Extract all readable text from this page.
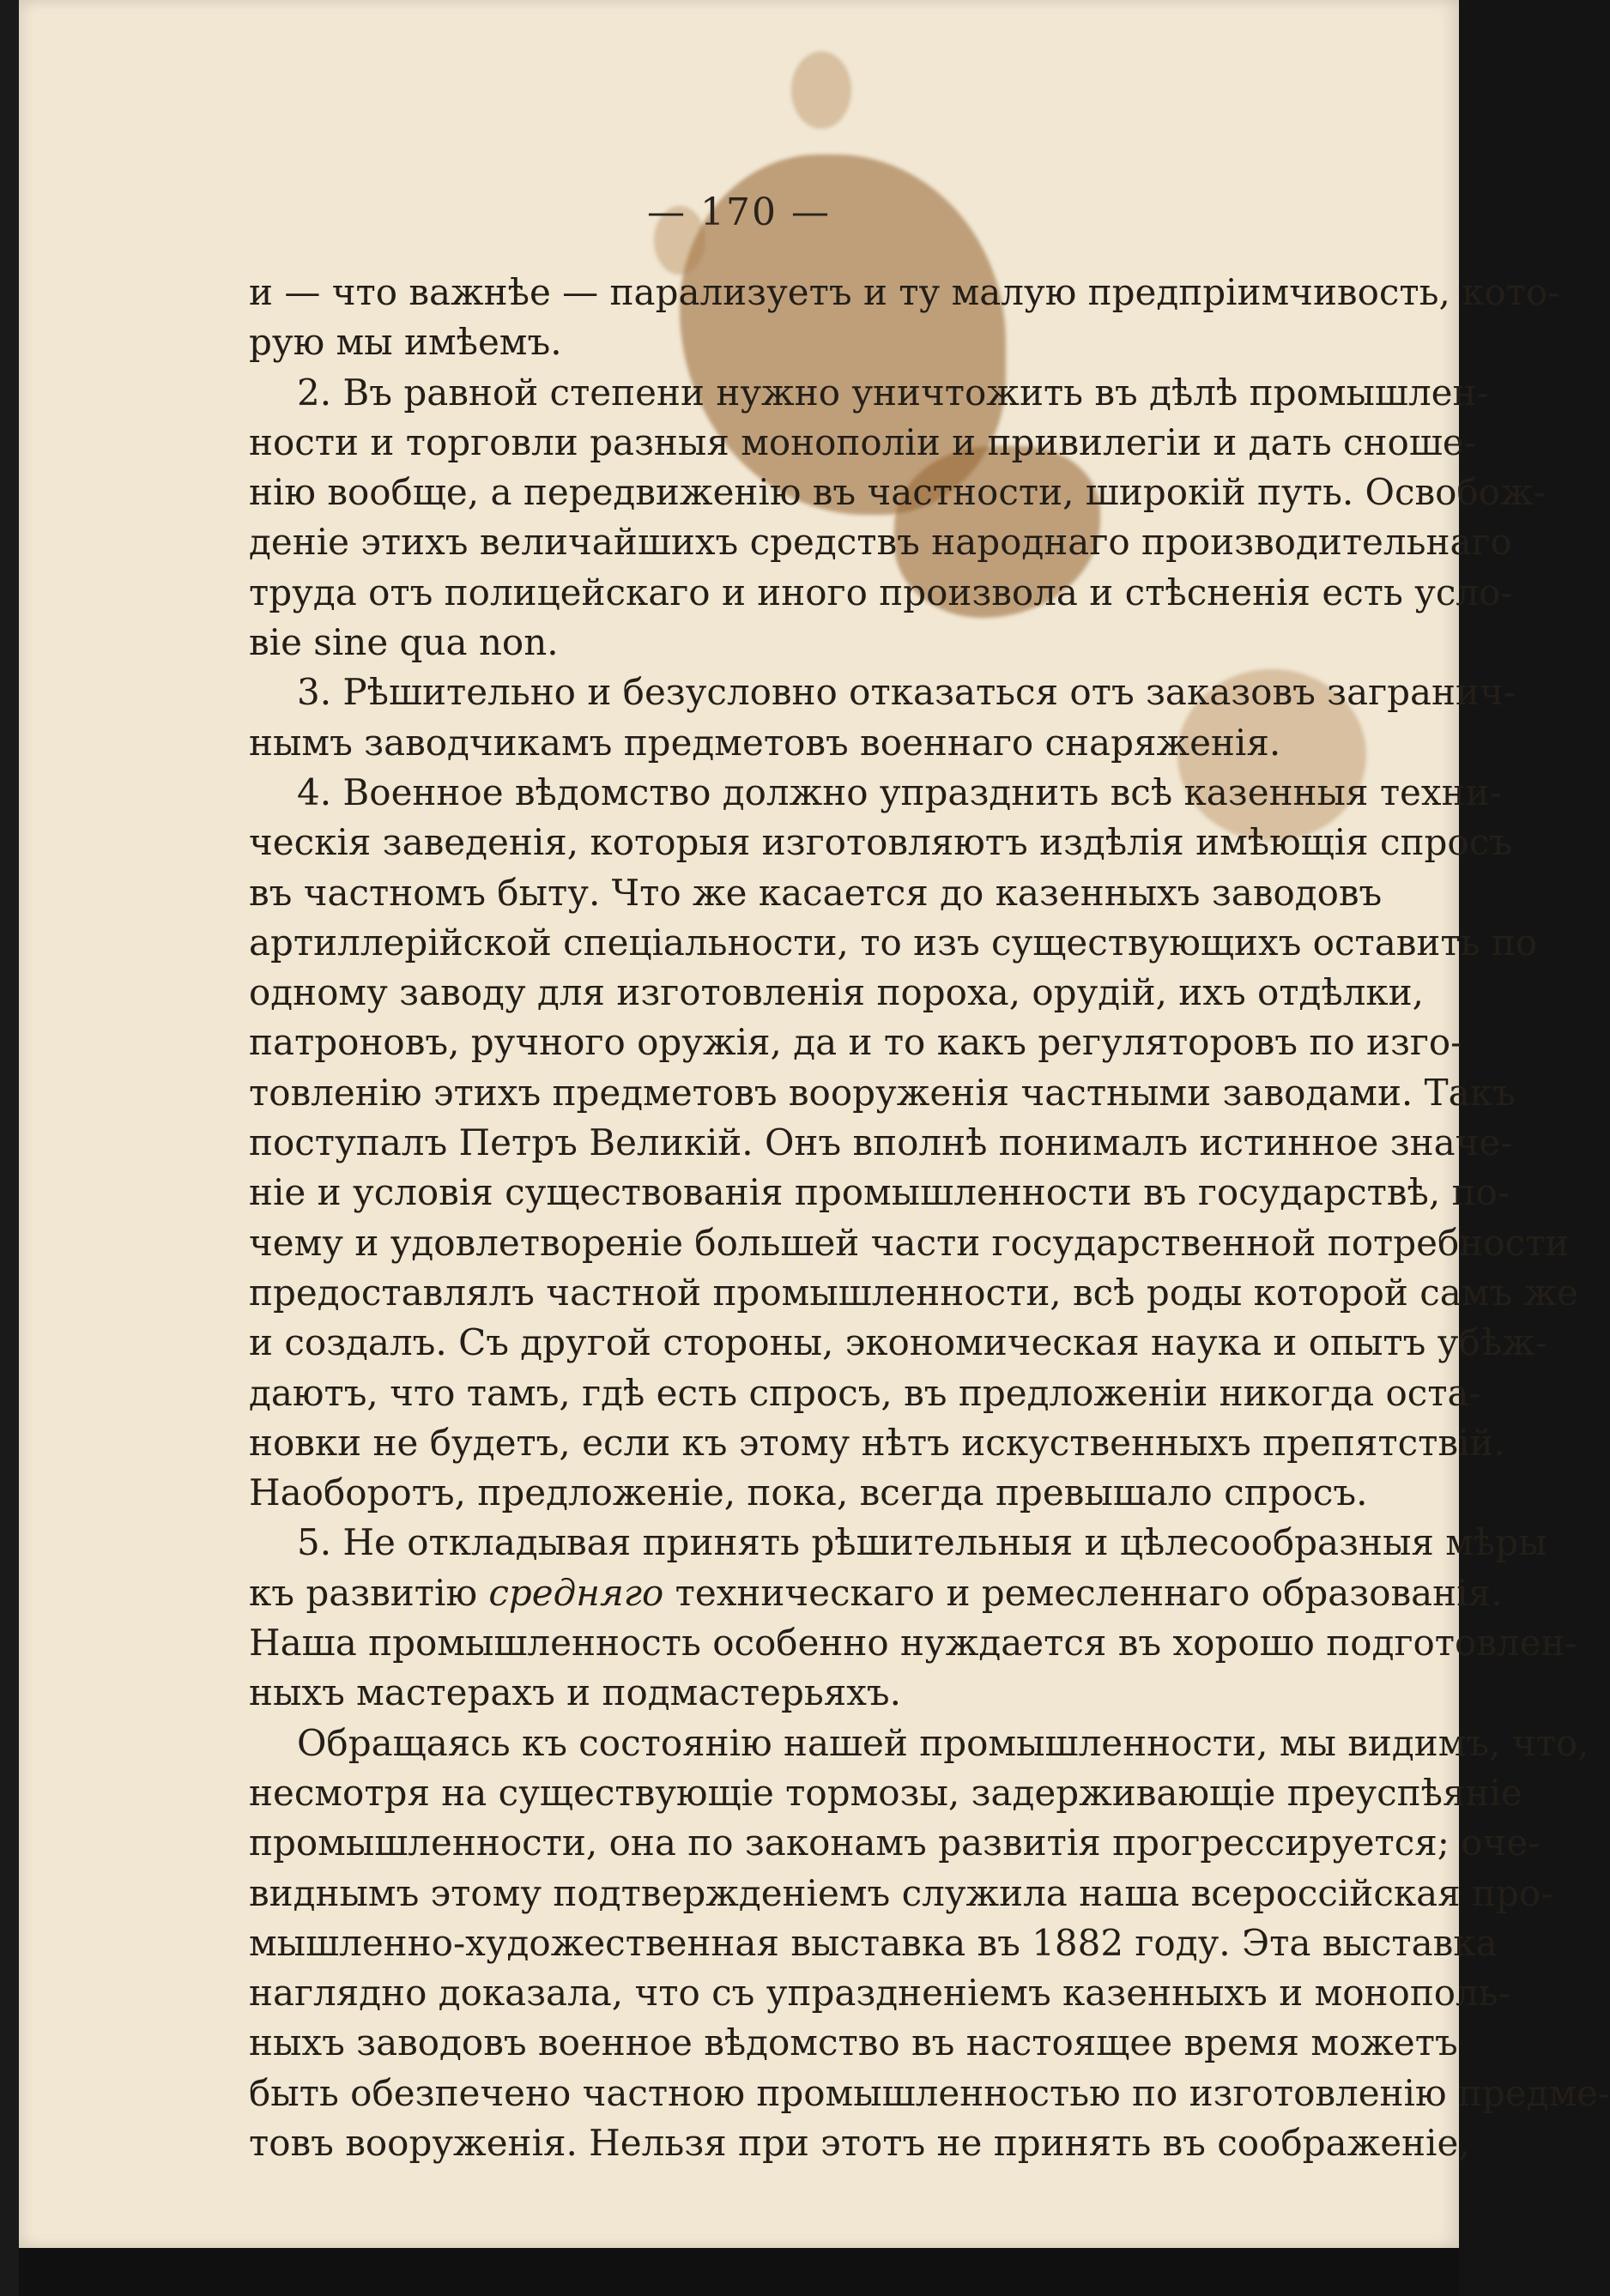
— 170 —
и — что важнѣе — парализуетъ и ту малую предпріимчивость, кото-
рую мы имѣемъ.
2. Въ равной степени нужно уничтожить въ дѣлѣ промышлен-
ности и торговли разныя монополіи и привилегіи и дать сноше-
нію вообще, а передвиженію въ частности, широкій путь. Освобож-
деніе этихъ величайшихъ средствъ народнаго производительнаго
труда отъ полицейскаго и иного произвола и стѣсненія есть усло-
віе sine qua non.
3. Рѣшительно и безусловно отказаться отъ заказовъ загранич-
нымъ заводчикамъ предметовъ военнаго снаряженія.
4. Военное вѣдомство должно упразднить всѣ казенныя техни-
ческія заведенія, которыя изготовляютъ издѣлія имѣющія спросъ
въ частномъ быту. Что же касается до казенныхъ заводовъ
артиллерійской спеціальности, то изъ существующихъ оставить по
одному заводу для изготовленія пороха, орудій, ихъ отдѣлки,
патроновъ, ручного оружія, да и то какъ регуляторовъ по изго-
товленію этихъ предметовъ вооруженія частными заводами. Такъ
поступалъ Петръ Великій. Онъ вполнѣ понималъ истинное значе-
ніе и условія существованія промышленности въ государствѣ, по-
чему и удовлетвореніе большей части государственной потребности
предоставлялъ частной промышленности, всѣ роды которой самъ же
и создалъ. Съ другой стороны, экономическая наука и опытъ убѣж-
даютъ, что тамъ, гдѣ есть спросъ, въ предложеніи никогда оста-
новки не будетъ, если къ этому нѣтъ искуственныхъ препятствій.
Наоборотъ, предложеніе, пока, всегда превышало спросъ.
5. Не откладывая принять рѣшительныя и цѣлесообразныя мѣры
къ развитію средняго техническаго и ремесленнаго образованія.
Наша промышленность особенно нуждается въ хорошо подготовлен-
ныхъ мастерахъ и подмастерьяхъ.
Обращаясь къ состоянію нашей промышленности, мы видимъ, что,
несмотря на существующіе тормозы, задерживающіе преуспѣяніе
промышленности, она по законамъ развитія прогрессируется; оче-
виднымъ этому подтвержденіемъ служила наша всероссійская про-
мышленно-художественная выставка въ 1882 году. Эта выставка
наглядно доказала, что съ упраздненіемъ казенныхъ и монополь-
ныхъ заводовъ военное вѣдомство въ настоящее время можетъ
быть обезпечено частною промышленностью по изготовленію предме-
товъ вооруженія. Нельзя при этотъ не принять въ соображеніе,
